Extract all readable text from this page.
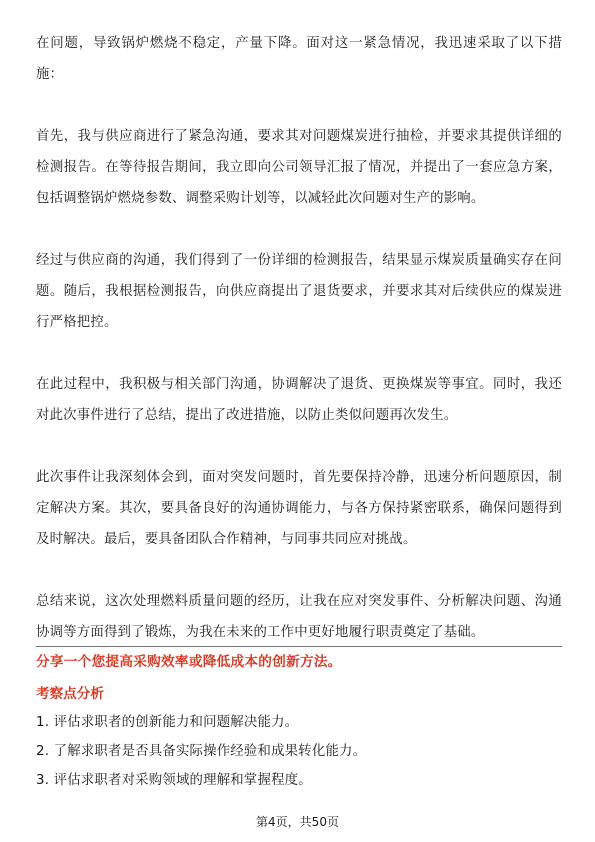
在问题，导致锅炉燃烧不稳定，产量下降。面对这一紧急情况，我迅速采取了以下措施：

首先，我与供应商进行了紧急沟通，要求其对问题煤炭进行抽检，并要求其提供详细的检测报告。在等待报告期间，我立即向公司领导汇报了情况，并提出了一套应急方案，包括调整锅炉燃烧参数、调整采购计划等，以减轻此次问题对生产的影响。

经过与供应商的沟通，我们得到了一份详细的检测报告，结果显示煤炭质量确实存在问题。随后，我根据检测报告，向供应商提出了退货要求，并要求其对后续供应的煤炭进行严格把控。

在此过程中，我积极与相关部门沟通，协调解决了退货、更换煤炭等事宜。同时，我还对此次事件进行了总结，提出了改进措施，以防止类似问题再次发生。

此次事件让我深刻体会到，面对突发问题时，首先要保持冷静，迅速分析问题原因，制定解决方案。其次，要具备良好的沟通协调能力，与各方保持紧密联系，确保问题得到及时解决。最后，要具备团队合作精神，与同事共同应对挑战。

总结来说，这次处理燃料质量问题的经历，让我在应对突发事件、分析解决问题、沟通协调等方面得到了锻炼，为我在未来的工作中更好地履行职责奠定了基础。

分享一个您提高采购效率或降低成本的创新方法。
考察点分析
1. 评估求职者的创新能力和问题解决能力。
2. 了解求职者是否具备实际操作经验和成果转化能力。
3. 评估求职者对采购领域的理解和掌握程度。
第4页，共50页
